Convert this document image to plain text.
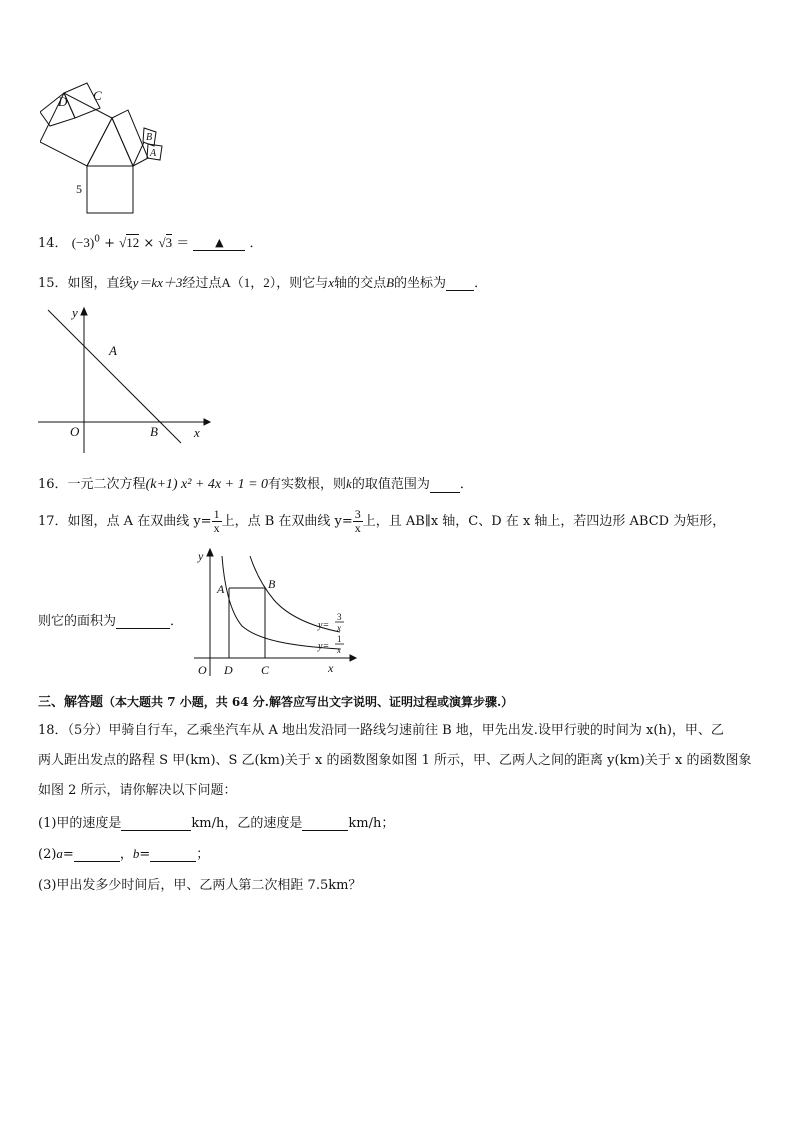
D C
B
A
5
14． $(-3)^0 + √12 \times √3$ ＝ ▲ ．
15．如图，直线y＝kx＋3经过点A（1，2），则它与x轴的交点B的坐标为 ．
y
x
A
O	B
16．一元二次方程(k+1) x² + 4x + 1 = 0有实数根，则k的取值范围为 ．
17．如图，点 A 在双曲线 $y= \frac{1}{x}$ 上，点 B 在双曲线 $y= \frac{3}{x}$ 上，且 AB∥x 轴，C、D 在 x 轴上，若四边形 ABCD 为矩形，
则它的面积为	．
y
x
O
A	B
D C
y=
3
x
y=
1
x
三、解答题（本大题共 7 小题，共 64 分.解答应写出文字说明、证明过程或演算步骤.）
18．（5分）甲骑自行车，乙乘坐汽车从 A 地出发沿同一路线匀速前往 B 地，甲先出发.设甲行驶的时间为 x(h)，甲、乙
两人距出发点的路程 S 甲(km)、S 乙(km)关于 x 的函数图象如图 1 所示，甲、乙两人之间的距离 y(km)关于 x 的函数图象
如图 2 所示，请你解决以下问题：
(1)甲的速度是	km/h，乙的速度是	km/h；
(2)a=	，b=	；
(3)甲出发多少时间后，甲、乙两人第二次相距 7.5km？
